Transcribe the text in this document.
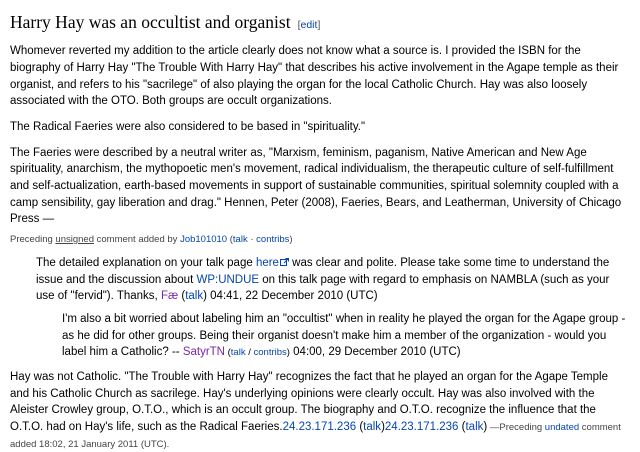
Harry Hay was an occultist and organist [edit]

Whomever reverted my addition to the article clearly does not know what a source is. I provided the ISBN for the biography of Harry Hay "The Trouble With Harry Hay" that describes his active involvement in the Agape temple as their organist, and refers to his "sacrilege" of also playing the organ for the local Catholic Church. Hay was also loosely associated with the OTO. Both groups are occult organizations.

The Radical Faeries were also considered to be based in "spirituality."

The Faeries were described by a neutral writer as, "Marxism, feminism, paganism, Native American and New Age spirituality, anarchism, the mythopoetic men's movement, radical individualism, the therapeutic culture of self-fulfillment and self-actualization, earth-based movements in support of sustainable communities, spiritual solemnity coupled with a camp sensibility, gay liberation and drag." Hennen, Peter (2008), Faeries, Bears, and Leatherman, University of Chicago Press —

Preceding unsigned comment added by Job101010 (talk · contribs)

The detailed explanation on your talk page here was clear and polite. Please take some time to understand the issue and the discussion about WP:UNDUE on this talk page with regard to emphasis on NAMBLA (such as your use of "fervid"). Thanks, Fæ (talk) 04:41, 22 December 2010 (UTC)

I'm also a bit worried about labeling him an "occultist" when in reality he played the organ for the Agape group - as he did for other groups. Being their organist doesn't make him a member of the organization - would you label him a Catholic? -- SatyrTN (talk / contribs) 04:00, 29 December 2010 (UTC)

Hay was not Catholic. "The Trouble with Harry Hay" recognizes the fact that he played an organ for the Agape Temple and his Catholic Church as sacrilege. Hay's underlying opinions were clearly occult. Hay was also involved with the Aleister Crowley group, O.T.O., which is an occult group. The biography and O.T.O. recognize the influence that the O.T.O. had on Hay's life, such as the Radical Faeries.24.23.171.236 (talk)24.23.171.236 (talk) —Preceding undated comment added 18:02, 21 January 2011 (UTC).
